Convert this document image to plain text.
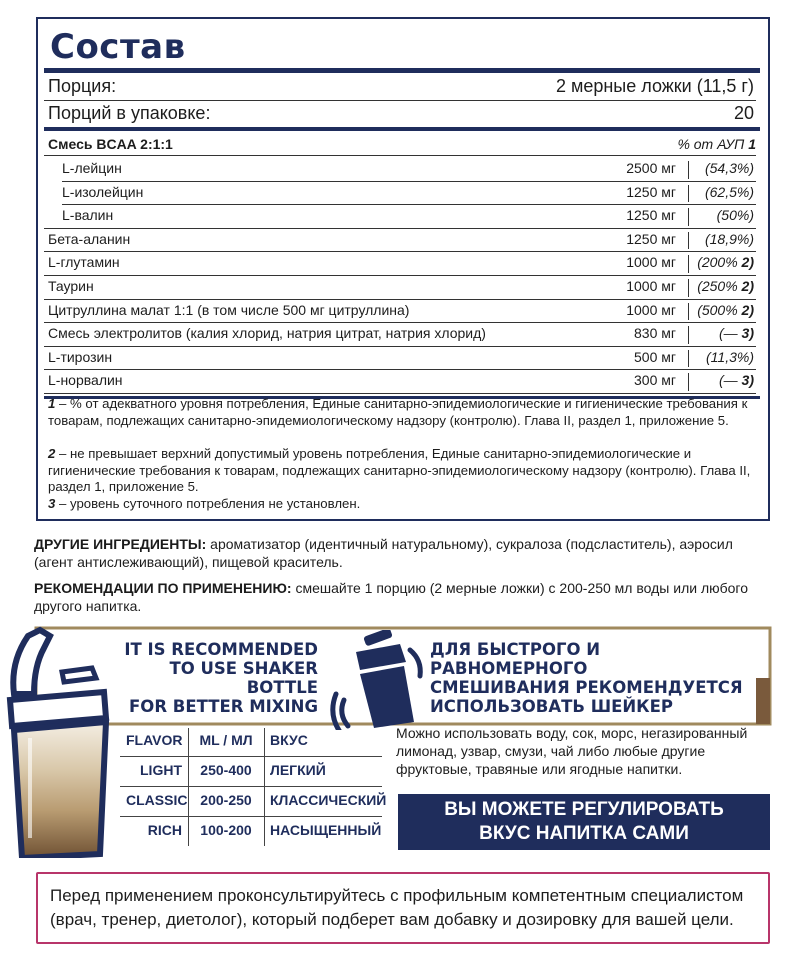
Состав
Порция:	2 мерные ложки (11,5 г)
Порций в упаковке:	20
Смесь BCAA 2:1:1	% от АУП 1
L-лейцин	2500 мг	(54,3%)
L-изолейцин	1250 мг	(62,5%)
L-валин	1250 мг	(50%)
Бета-аланин	1250 мг	(18,9%)
L-глутамин	1000 мг (200% 2)
Таурин	1000 мг (250% 2)
Цитруллина малат 1:1 (в том числе 500 мг цитруллина)	1000 мг (500% 2)
Смесь электролитов (калия хлорид, натрия цитрат, натрия хлорид)	830 мг	(— 3)
L-тирозин	500 мг	(11,3%)
L-норвалин	300 мг	(— 3)
1 – % от адекватного уровня потребления, Единые санитарно-эпидемиологические и гигиенические требования к товарам, подлежащих санитарно-эпидемиологическому надзору (контролю). Глава II, раздел 1, приложение 5.
2 – не превышает верхний допустимый уровень потребления, Единые санитарно-эпидемиологические и гигиенические требования к товарам, подлежащих санитарно-эпидемиологическому надзору (контролю). Глава II, раздел 1, приложение 5.
3 – уровень суточного потребления не установлен.
ДРУГИЕ ИНГРЕДИЕНТЫ: ароматизатор (идентичный натуральному), сукралоза (подсластитель), аэросил (агент антислеживающий), пищевой краситель.
РЕКОМЕНДАЦИИ ПО ПРИМЕНЕНИЮ: смешайте 1 порцию (2 мерные ложки) с 200-250 мл воды или любого другого напитка.
IT IS RECOMMENDED
TO USE SHAKER BOTTLE
FOR BETTER MIXING
ДЛЯ БЫСТРОГО И РАВНОМЕРНОГО
СМЕШИВАНИЯ РЕКОМЕНДУЕТСЯ
ИСПОЛЬЗОВАТЬ ШЕЙКЕР
FLAVOR	ML / МЛ	ВКУС
LIGHT	250-400	ЛЕГКИЙ
CLASSIC 200-250	КЛАССИЧЕСКИЙ
RICH	100-200	НАСЫЩЕННЫЙ
Можно использовать воду, сок, морс, негазированный лимонад, узвар, смузи, чай либо любые другие фруктовые, травяные или ягодные напитки.
ВЫ МОЖЕТЕ РЕГУЛИРОВАТЬ
ВКУС НАПИТКА САМИ
Перед применением проконсультируйтесь с профильным компетентным специалистом (врач, тренер, диетолог), который подберет вам добавку и дозировку для вашей цели.
